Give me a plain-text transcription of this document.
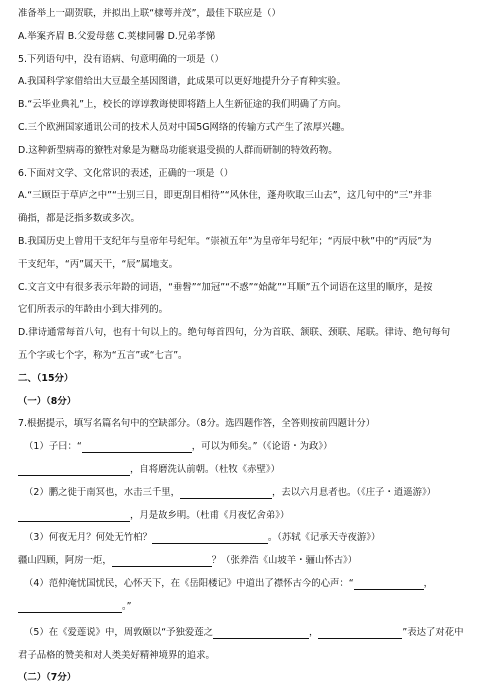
准备举上一副贺联，并拟出上联“棣萼并茂”，最佳下联应是（）
A.举案齐眉 B.父爱母慈 C.荚棣同馨 D.兄弟孝悌
5.下列语句中，没有语病、句意明确的一项是（）
A.我国科学家借给出大豆最全基因图谱，此成果可以更好地提升分子育种实验。
B.“云毕业典礼”上，校长的谆谆教诲使即将踏上人生新征途的我们明确了方向。
C.三个欧洲国家通讯公司的技术人员对中国5G网络的传输方式产生了浓厚兴趣。
D.这种新型病毒的獠牲对象是为糖岛功能衰退受损的人群而研制的特效药物。
6.下面对文学、文化常识的表述，正确的一项是（）
A.“三顾臣于草庐之中”“士别三日，即更刮目相待”“风休住，蓬舟吹取三山去”，这几句中的“三”并非
确指，都是泛指多数或多次。
B.我国历史上曾用干支纪年与皇帝年号纪年。“崇祯五年”为皇帝年号纪年；“丙辰中秋”中的“丙辰”为
干支纪年，“丙”属天干，“辰”属地支。
C.文言文中有很多表示年龄的词语，“垂髫”“加冠”“不惑”“始龀”“耳顺”五个词语在这里的顺序，是按
它们所表示的年龄由小到大排列的。
D.律诗通常每首八句，也有十句以上的。绝句每首四句，分为首联、颔联、颈联、尾联。律诗、绝句每句
五个字或七个字，称为“五言”或“七言”。
二、（15分）
（一）（8分）
7.根据提示，填写名篇名句中的空缺部分。（8分。选四题作答，全答则按前四题计分）
（1）子曰：“	，可以为师矣。”（《论语・为政》）
，自将磨洗认前朝。（杜牧《赤壁》）
（2）鹏之徙于南冥也，水击三千里，	，去以六月息者也。（《庄子・逍遥游》）
，月是故乡明。（杜甫《月夜忆舍弟》）
（3）何夜无月？何处无竹柏？	。（苏轼《记承天寺夜游》）
疆山四顾，阿房一炬，	？（张养浩《山坡羊・骊山怀古》）
（4）范仲淹忧国忧民，心怀天下，在《岳阳楼记》中道出了襟怀古今的心声：“	，
。”
（5）在《爱莲说》中，周敦颐以“予独爱莲之	，	”表达了对花中
君子品格的赞美和对人类美好精神境界的追求。
（二）（7分）
